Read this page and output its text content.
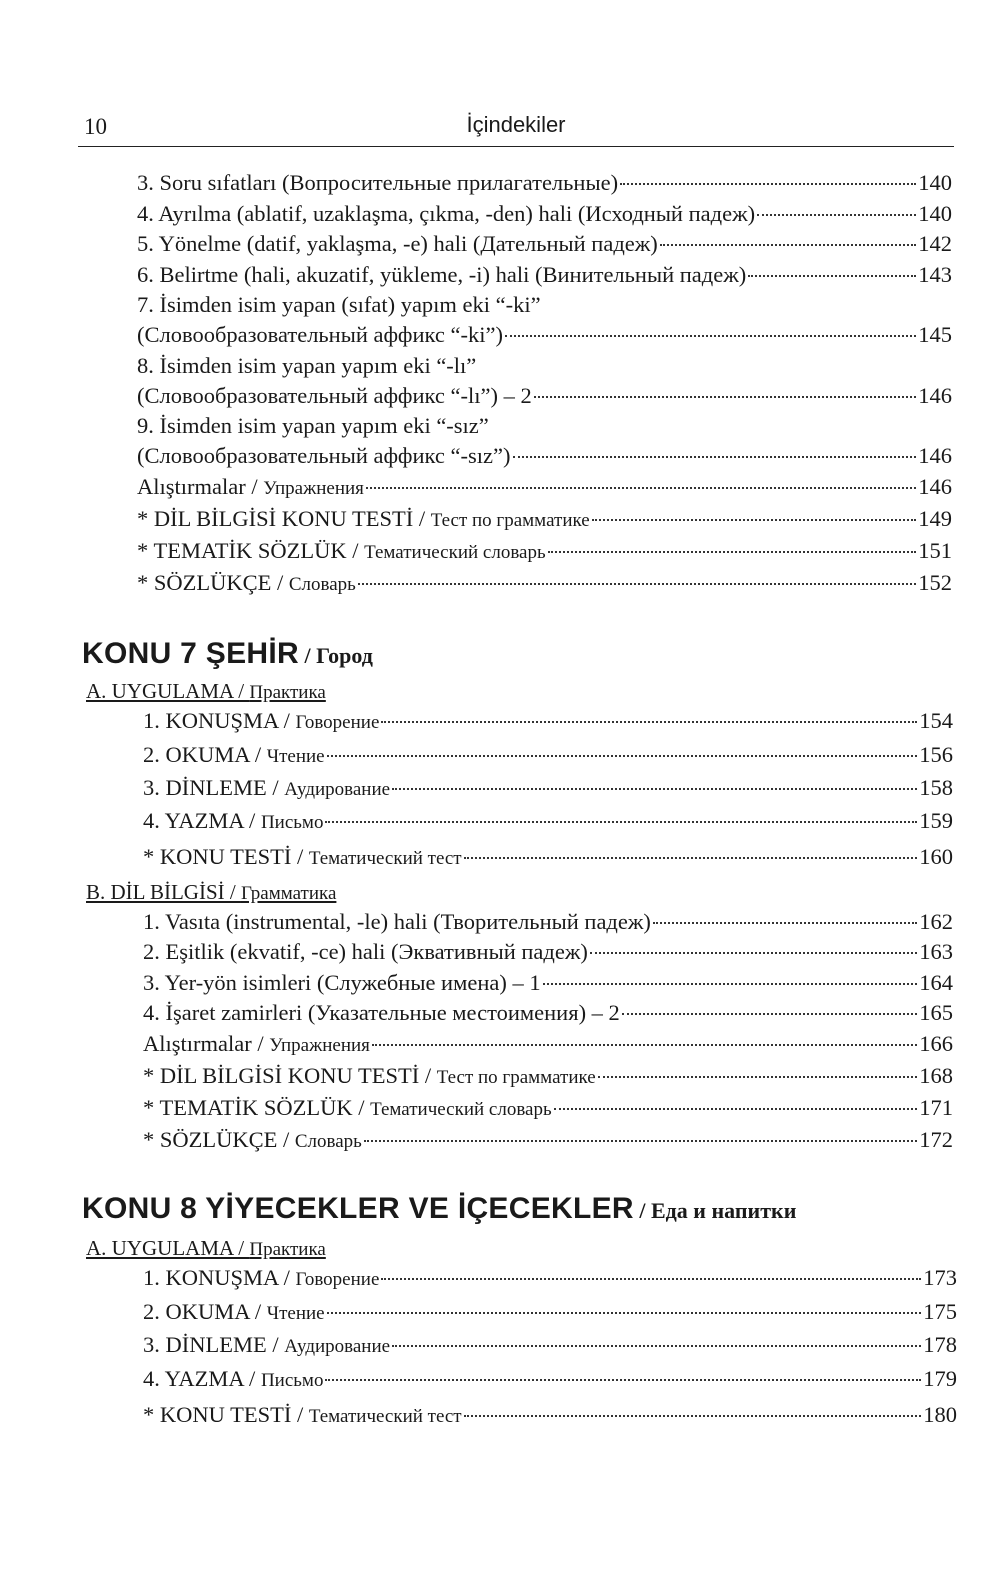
10	İçindekiler
3. Soru sıfatları (Вопросительные прилагательные)	140
4. Ayrılma (ablatif, uzaklaşma, çıkma, -den) hali (Исходный падеж)	140
5. Yönelme (datif, yaklaşma, -e) hali (Дательный падеж)	142
6. Belirtme (hali, akuzatif, yükleme, -i) hali (Винительный падеж)	143
7. İsimden isim yapan (sıfat) yapım eki “-ki”
(Словообразовательный аффикс “-ki”)	145
8. İsimden isim yapan yapım eki “-lı”
(Словообразовательный аффикс “-lı”) – 2	146
9. İsimden isim yapan yapım eki “-sız”
(Словообразовательный аффикс “-sız”)	146
Alıştırmalar / Упражнения	146
* DİL BİLGİSİ KONU TESTİ / Тест по грамматике	149
* TEMATİK SÖZLÜK / Тематический словарь	151
* SÖZLÜKÇE / Словарь	152
KONU 7 ŞEHİR / Город
A. UYGULAMA / Практика
1. KONUŞMA / Говорение	154
2. OKUMA / Чтение	156
3. DİNLEME / Аудирование	158
4. YAZMA / Письмо	159
* KONU TESTİ / Тематический тест	160
B. DİL BİLGİSİ / Грамматика
1. Vasıta (instrumental, -le) hali (Творительный падеж)	162
2. Eşitlik (ekvatif, -ce) hali (Эквативный падеж)	163
3. Yer-yön isimleri (Служебные имена) – 1	164
4. İşaret zamirleri (Указательные местоимения) – 2	165
Alıştırmalar / Упражнения	166
* DİL BİLGİSİ KONU TESTİ / Тест по грамматике	168
* TEMATİK SÖZLÜK / Тематический словарь	171
* SÖZLÜKÇE / Словарь	172
KONU 8 YİYECEKLER VE İÇECEKLER / Еда и напитки
A. UYGULAMA / Практика
1. KONUŞMA / Говорение	173
2. OKUMA / Чтение	175
3. DİNLEME / Аудирование	178
4. YAZMA / Письмо	179
* KONU TESTİ / Тематический тест	180
